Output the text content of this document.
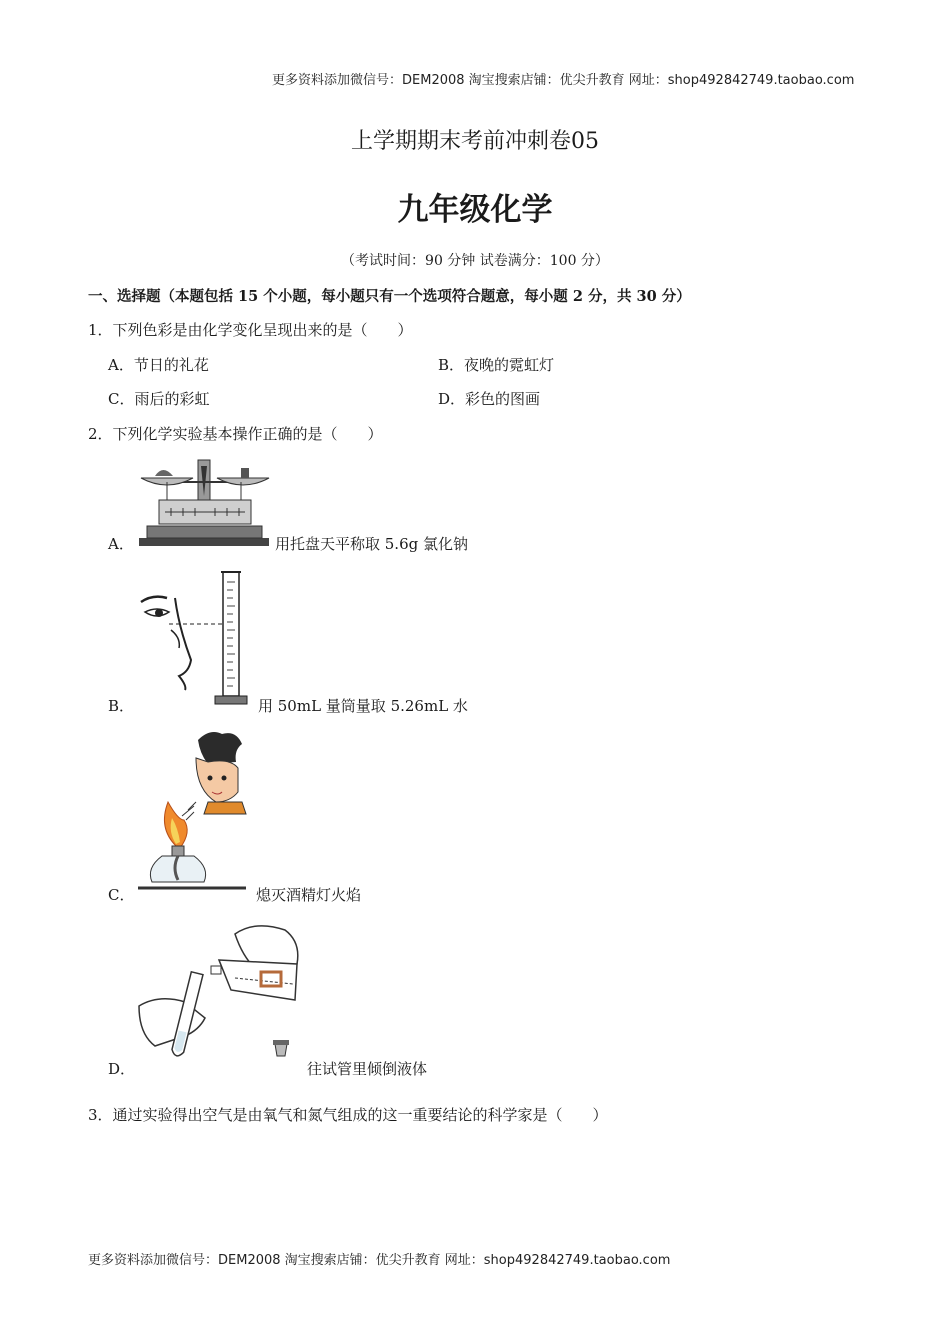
更多资料添加微信号：DEM2008 淘宝搜索店铺：优尖升教育 网址：shop492842749.taobao.com
上学期期末考前冲刺卷05
九年级化学
（考试时间：90 分钟 试卷满分：100 分）
一、选择题（本题包括 15 个小题，每小题只有一个选项符合题意，每小题 2 分，共 30 分）
1．下列色彩是由化学变化呈现出来的是（　　）
A．节日的礼花	B．夜晚的霓虹灯
C．雨后的彩虹	D．彩色的图画
2．下列化学实验基本操作正确的是（　　）
A．	用托盘天平称取 5.6g 氯化钠
B．	用 50mL 量筒量取 5.26mL 水
C．	熄灭酒精灯火焰
D．	往试管里倾倒液体
3．通过实验得出空气是由氧气和氮气组成的这一重要结论的科学家是（　　）
更多资料添加微信号：DEM2008 淘宝搜索店铺：优尖升教育 网址：shop492842749.taobao.com
